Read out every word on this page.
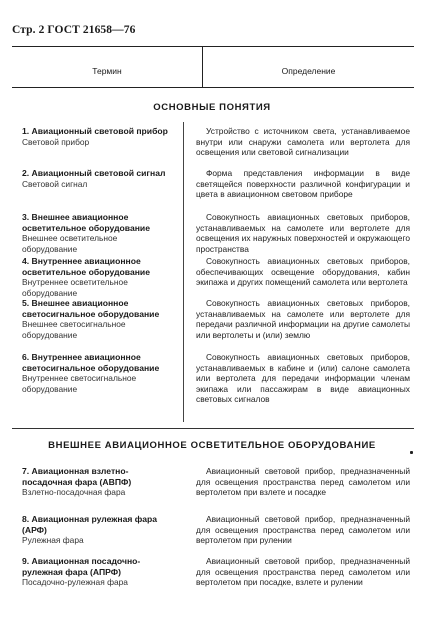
Стр. 2 ГОСТ 21658—76
Термин	Определение
ОСНОВНЫЕ ПОНЯТИЯ
1. Авиационный световой прибор
Световой прибор
Устройство с источником света, устанавливаемое внутри или снаружи самолета или вертолета для освещения или световой сигнализации
2. Авиационный световой сигнал
Световой сигнал
Форма представления информации в виде светящейся поверхности различной конфигурации и цвета в авиационном световом приборе
3. Внешнее авиационное осветительное оборудование
Внешнее осветительное оборудование
Совокупность авиационных световых приборов, устанавливаемых на самолете или вертолете для освещения их наружных поверхностей и окружающего пространства
4. Внутреннее авиационное осветительное оборудование
Внутреннее осветительное оборудование
Совокупность авиационных световых приборов, обеспечивающих освещение оборудования, кабин экипажа и других помещений самолета или вертолета
5. Внешнее авиационное светосигнальное оборудование
Внешнее светосигнальное оборудование
Совокупность авиационных световых приборов, устанавливаемых на самолете или вертолете для передачи различной информации на другие самолеты или вертолеты и (или) землю
6. Внутреннее авиационное светосигнальное оборудование
Внутреннее светосигнальное оборудование
Совокупность авиационных световых приборов, устанавливаемых в кабине и (или) салоне самолета или вертолета для передачи информации членам экипажа или пассажирам в виде авиационных световых сигналов
ВНЕШНЕЕ АВИАЦИОННОЕ ОСВЕТИТЕЛЬНОЕ ОБОРУДОВАНИЕ
7. Авиационная взлетно-посадочная фара (АВПФ)
Взлетно-посадочная фара
Авиационный световой прибор, предназначенный для освещения пространства перед самолетом или вертолетом при взлете и посадке
8. Авиационная рулежная фара (АРФ)
Рулежная фара
Авиационный световой прибор, предназначенный для освещения пространства перед самолетом или вертолетом при рулении
9. Авиационная посадочно-рулежная фара (АПРФ)
Посадочно-рулежная фара
Авиационный световой прибор, предназначенный для освещения пространства перед самолетом или вертолетом при посадке, взлете и рулении
